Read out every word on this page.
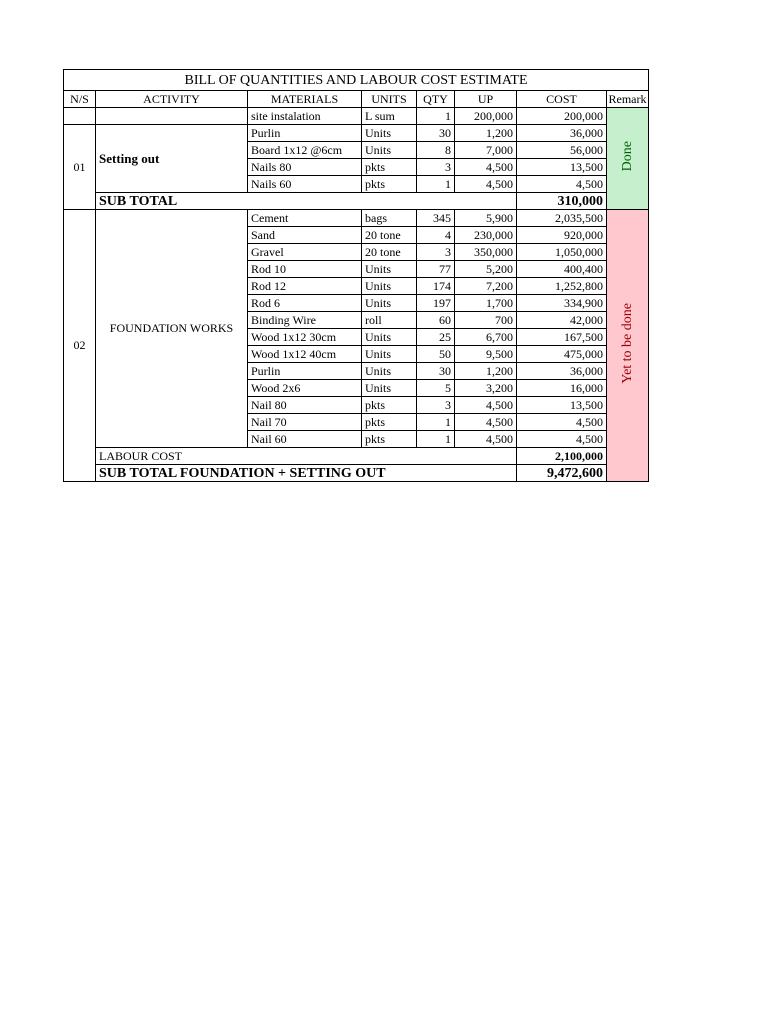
BILL OF QUANTITIES AND LABOUR COST ESTIMATE							
N/S	ACTIVITY	MATERIALS	UNITS	QTY	UP	COST	Remark
		site instalation	L sum	1	200,000	200,000	Done
01	Setting out	Purlin	Units	30	1,200	36,000	
		Board 1x12 @6cm	Units	8	7,000	56,000	
		Nails 80	pkts	3	4,500	13,500	
		Nails 60	pkts	1	4,500	4,500	
	SUB TOTAL					310,000	
02	FOUNDATION WORKS	Cement	bags	345	5,900	2,035,500	Yet to be done
		Sand	20 tone	4	230,000	920,000	
		Gravel	20 tone	3	350,000	1,050,000	
		Rod 10	Units	77	5,200	400,400	
		Rod 12	Units	174	7,200	1,252,800	
		Rod 6	Units	197	1,700	334,900	
		Binding Wire	roll	60	700	42,000	
		Wood 1x12 30cm	Units	25	6,700	167,500	
		Wood 1x12 40cm	Units	50	9,500	475,000	
		Purlin	Units	30	1,200	36,000	
		Wood 2x6	Units	5	3,200	16,000	
		Nail 80	pkts	3	4,500	13,500	
		Nail 70	pkts	1	4,500	4,500	
		Nail 60	pkts	1	4,500	4,500	
	LABOUR COST					2,100,000	
	SUB TOTAL FOUNDATION + SETTING OUT					9,472,600	
